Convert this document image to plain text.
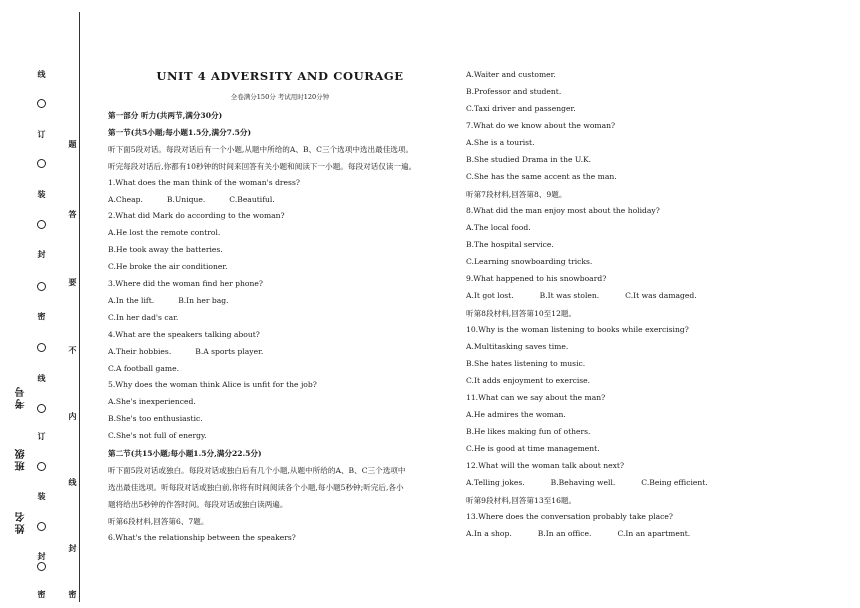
线
订
装
封
密
线
订
装
封
密
题
答
要
不
内
线
封
密
考号
班级
姓名
UNIT 4 ADVERSITY AND COURAGE
全卷满分150分 考试用时120分钟
第一部分 听力(共两节,满分30分)
第一节(共5小题;每小题1.5分,满分7.5分)
听下面5段对话。每段对话后有一个小题,从题中所给的A、B、C三个选项中选出最佳选项。
听完每段对话后,你都有10秒钟的时间来回答有关小题和阅读下一小题。每段对话仅读一遍。
1.What does the man think of the woman's dress?
A.Cheap.	B.Unique.	C.Beautiful.
2.What did Mark do according to the woman?
A.He lost the remote control.
B.He took away the batteries.
C.He broke the air conditioner.
3.Where did the woman find her phone?
A.In the lift.	B.In her bag.
C.In her dad's car.
4.What are the speakers talking about?
A.Their hobbies.	B.A sports player.
C.A football game.
5.Why does the woman think Alice is unfit for the job?
A.She's inexperienced.
B.She's too enthusiastic.
C.She's not full of energy.
第二节(共15小题;每小题1.5分,满分22.5分)
听下面5段对话或独白。每段对话或独白后有几个小题,从题中所给的A、B、C三个选项中
选出最佳选项。听每段对话或独白前,你将有时间阅读各个小题,每小题5秒钟;听完后,各小
题将给出5秒钟的作答时间。每段对话或独白读两遍。
听第6段材料,回答第6、7题。
6.What's the relationship between the speakers?
A.Waiter and customer.
B.Professor and student.
C.Taxi driver and passenger.
7.What do we know about the woman?
A.She is a tourist.
B.She studied Drama in the U.K.
C.She has the same accent as the man.
听第7段材料,回答第8、9题。
8.What did the man enjoy most about the holiday?
A.The local food.
B.The hospital service.
C.Learning snowboarding tricks.
9.What happened to his snowboard?
A.It got lost.	B.It was stolen.	C.It was damaged.
听第8段材料,回答第10至12题。
10.Why is the woman listening to books while exercising?
A.Multitasking saves time.
B.She hates listening to music.
C.It adds enjoyment to exercise.
11.What can we say about the man?
A.He admires the woman.
B.He likes making fun of others.
C.He is good at time management.
12.What will the woman talk about next?
A.Telling jokes.	B.Behaving well.	C.Being efficient.
听第9段材料,回答第13至16题。
13.Where does the conversation probably take place?
A.In a shop.	B.In an office.	C.In an apartment.
